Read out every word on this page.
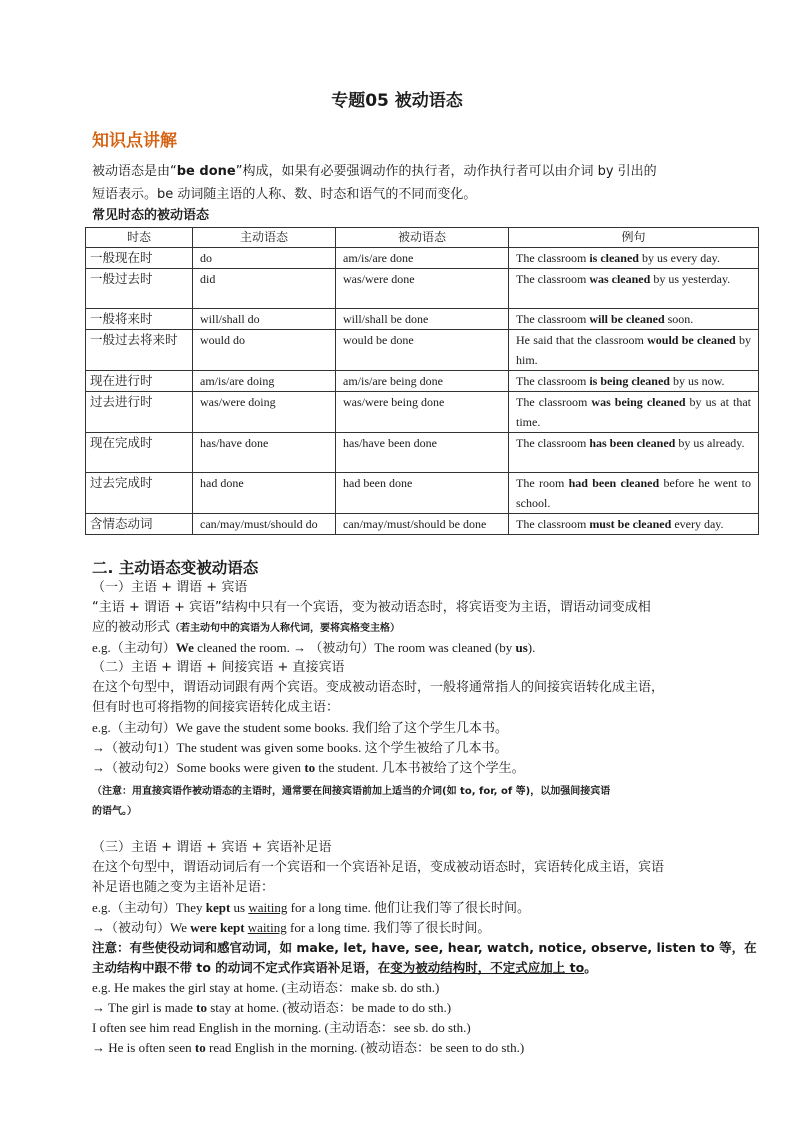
专题05 被动语态
知识点讲解
被动语态是由“be done”构成，如果有必要强调动作的执行者，动作执行者可以由介词 by 引出的
短语表示。be 动词随主语的人称、数、时态和语气的不同而变化。
常见时态的被动语态
时态	主动语态	被动语态	例句
一般现在时	do	am/is/are done	The classroom is cleaned by us every day.
一般过去时	did	was/were done	The classroom was cleaned by us yesterday.
一般将来时	will/shall do	will/shall be done	The classroom will be cleaned soon.
一般过去将来时	would do	would be done	He said that the classroom would be cleaned by him.
现在进行时	am/is/are doing	am/is/are being done	The classroom is being cleaned by us now.
过去进行时	was/were doing	was/were being done	The classroom was being cleaned by us at that time.
现在完成时	has/have done	has/have been done	The classroom has been cleaned by us already.
过去完成时	had done	had been done	The room had been cleaned before he went to school.
含情态动词	can/may/must/should do	can/may/must/should be done	The classroom must be cleaned every day.
二. 主动语态变被动语态
（一）主语 + 谓语 + 宾语
“主语 + 谓语 + 宾语”结构中只有一个宾语，变为被动语态时，将宾语变为主语，谓语动词变成相
应的被动形式（若主动句中的宾语为人称代词，要将宾格变主格）
e.g.（主动句）We cleaned the room. → （被动句）The room was cleaned (by us).
（二）主语 + 谓语 + 间接宾语 + 直接宾语
在这个句型中，谓语动词跟有两个宾语。变成被动语态时，一般将通常指人的间接宾语转化成主语，
但有时也可将指物的间接宾语转化成主语：
e.g.（主动句）We gave the student some books. 我们给了这个学生几本书。
→（被动句1）The student was given some books. 这个学生被给了几本书。
→（被动句2）Some books were given to the student. 几本书被给了这个学生。
（注意：用直接宾语作被动语态的主语时，通常要在间接宾语前加上适当的介词(如 to, for, of 等)，以加强间接宾语
的语气。）
（三）主语 + 谓语 + 宾语 + 宾语补足语
在这个句型中，谓语动词后有一个宾语和一个宾语补足语，变成被动语态时，宾语转化成主语，宾语
补足语也随之变为主语补足语：
e.g.（主动句）They kept us waiting for a long time. 他们让我们等了很长时间。
→（被动句）We were kept waiting for a long time. 我们等了很长时间。
注意：有些使役动词和感官动词，如 make, let, have, see, hear, watch, notice, observe, listen to 等，在
主动结构中跟不带 to 的动词不定式作宾语补足语，在变为被动结构时，不定式应加上 to。
e.g. He makes the girl stay at home. (主动语态：make sb. do sth.)
→ The girl is made to stay at home. (被动语态：be made to do sth.)
I often see him read English in the morning. (主动语态：see sb. do sth.)
→ He is often seen to read English in the morning. (被动语态：be seen to do sth.)
